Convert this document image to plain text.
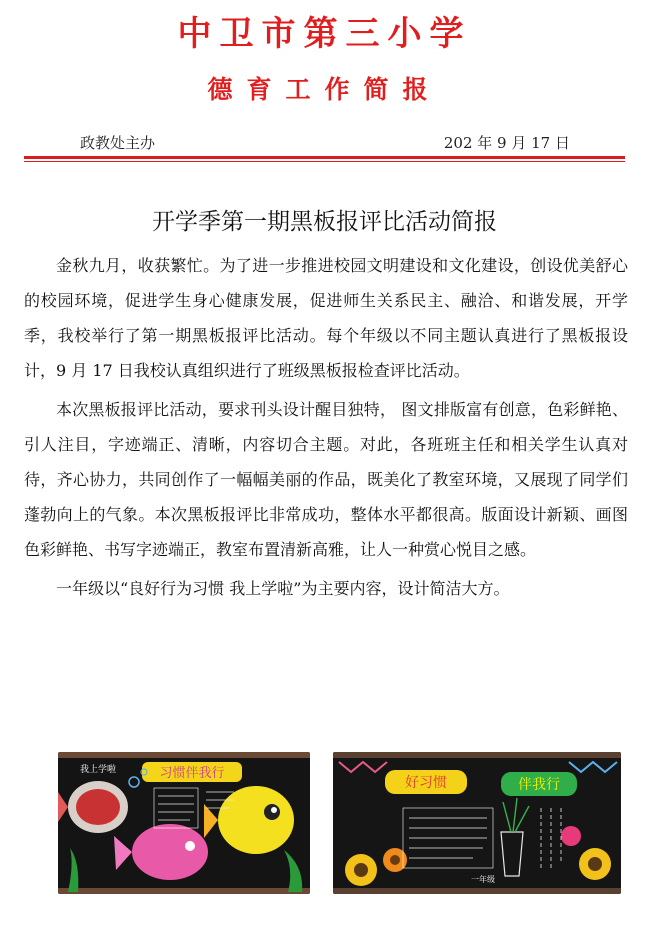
中卫市第三小学
德育工作简报
政教处主办	202 年 9 月 17 日
开学季第一期黑板报评比活动简报

金秋九月，收获繁忙。为了进一步推进校园文明建设和文化建设，创设优美舒心的校园环境，促进学生身心健康发展，促进师生关系民主、融洽、和谐发展，开学季，我校举行了第一期黑板报评比活动。每个年级以不同主题认真进行了黑板报设计，9 月 17 日我校认真组织进行了班级黑板报检查评比活动。

本次黑板报评比活动，要求刊头设计醒目独特， 图文排版富有创意，色彩鲜艳、引人注目，字迹端正、清晰，内容切合主题。对此，各班班主任和相关学生认真对待，齐心协力，共同创作了一幅幅美丽的作品，既美化了教室环境，又展现了同学们蓬勃向上的气象。本次黑板报评比非常成功，整体水平都很高。版面设计新颖、画图色彩鲜艳、书写字迹端正，教室布置清新高雅，让人一种赏心悦目之感。

一年级以“良好行为习惯 我上学啦”为主要内容，设计简洁大方。

习惯伴我行
我上学啦
好习惯	伴我行
一年级
